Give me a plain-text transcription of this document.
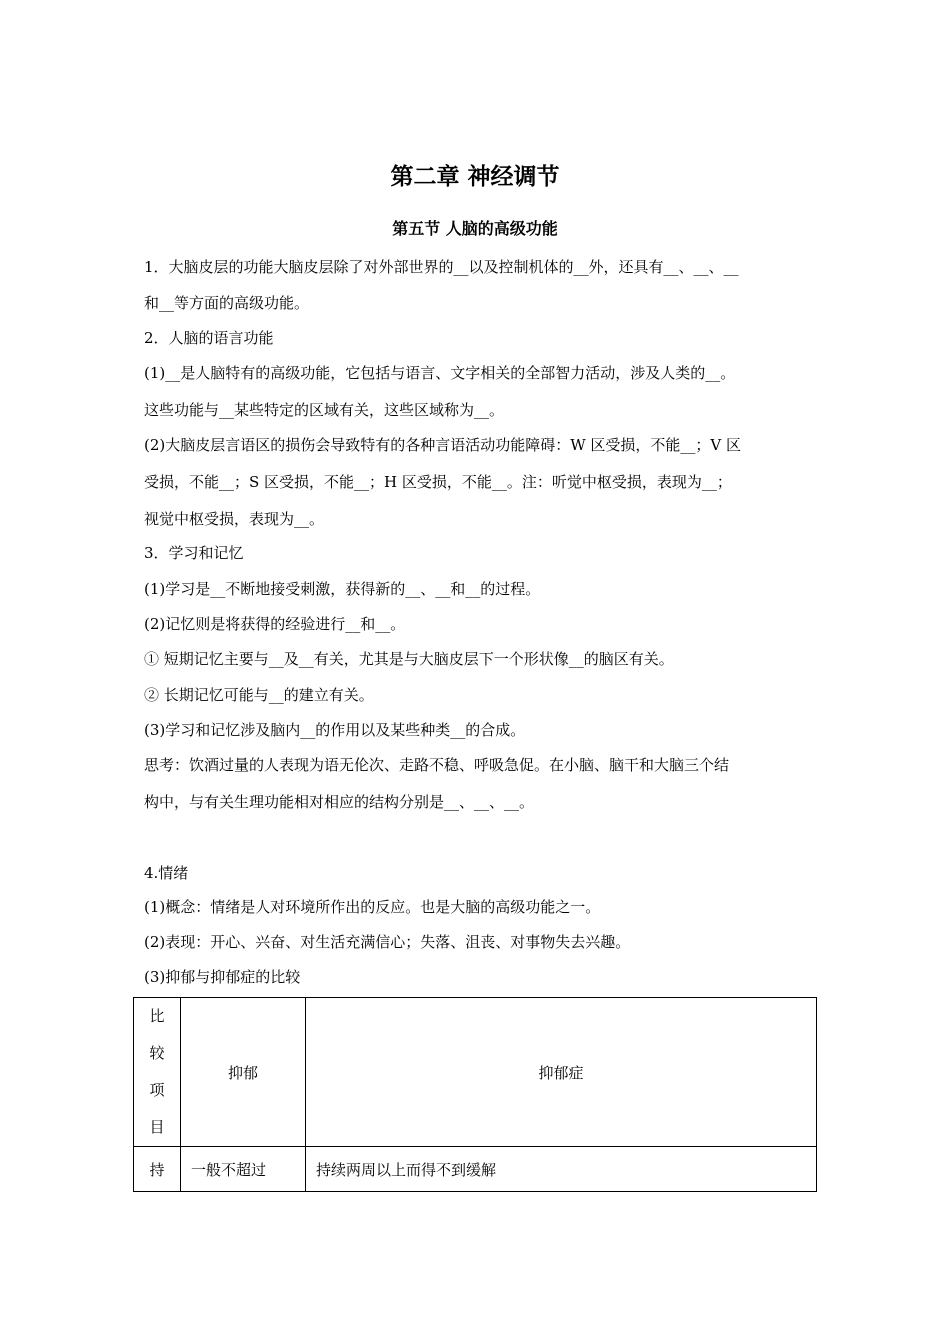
第二章 神经调节
第五节 人脑的高级功能
1．大脑皮层的功能大脑皮层除了对外部世界的__以及控制机体的__外，还具有__、__、__
和__等方面的高级功能。
2．人脑的语言功能
(1)__是人脑特有的高级功能，它包括与语言、文字相关的全部智力活动，涉及人类的__。
这些功能与__某些特定的区域有关，这些区域称为__。
(2)大脑皮层言语区的损伤会导致特有的各种言语活动功能障碍：W 区受损，不能__；V 区
受损，不能__；S 区受损，不能__；H 区受损，不能__。注：听觉中枢受损，表现为__；
视觉中枢受损，表现为__。
3．学习和记忆
(1)学习是__不断地接受刺激，获得新的__、__和__的过程。
(2)记忆则是将获得的经验进行__和__。
① 短期记忆主要与__及__有关，尤其是与大脑皮层下一个形状像__的脑区有关。
② 长期记忆可能与__的建立有关。
(3)学习和记忆涉及脑内__的作用以及某些种类__的合成。
思考：饮酒过量的人表现为语无伦次、走路不稳、呼吸急促。在小脑、脑干和大脑三个结
构中，与有关生理功能相对相应的结构分别是__、__、__。
4.情绪
(1)概念：情绪是人对环境所作出的反应。也是大脑的高级功能之一。
(2)表现：开心、兴奋、对生活充满信心；失落、沮丧、对事物失去兴趣。
(3)抑郁与抑郁症的比较
比
较
项
目	抑郁	抑郁症
持	一般不超过	持续两周以上而得不到缓解
